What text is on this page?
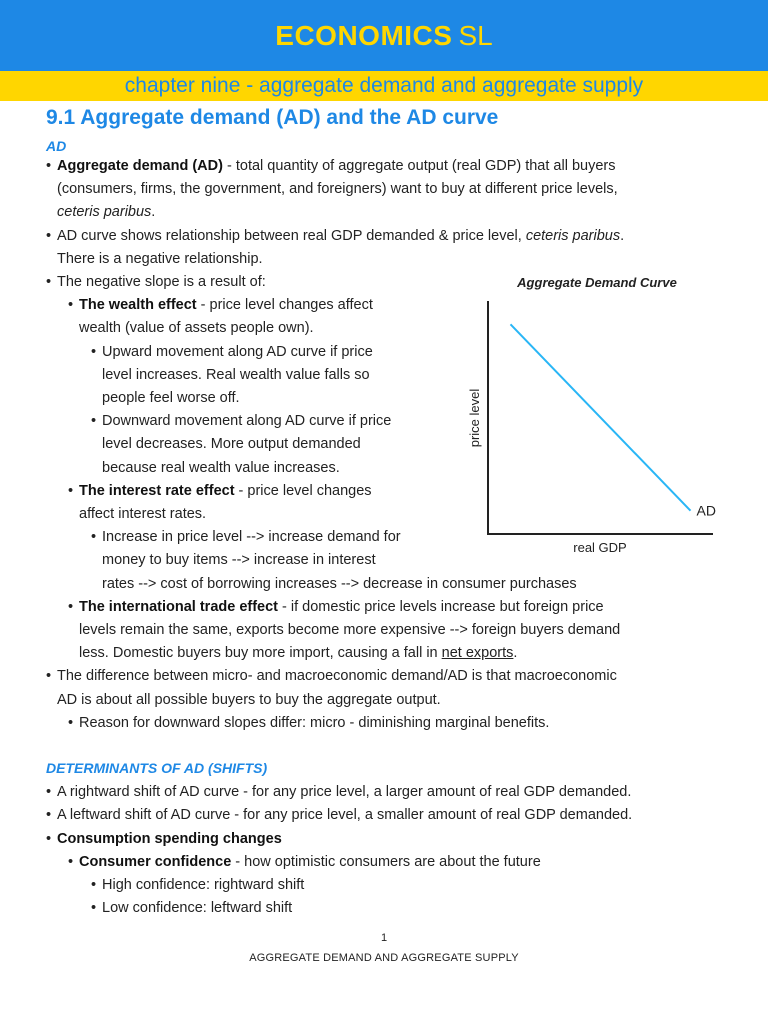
ECONOMICS SL
chapter nine - aggregate demand and aggregate supply
9.1 Aggregate demand (AD) and the AD curve
AD
• Aggregate demand (AD) - total quantity of aggregate output (real GDP) that all buyers
(consumers, firms, the government, and foreigners) want to buy at different price levels,
ceteris paribus.
• AD curve shows relationship between real GDP demanded & price level, ceteris paribus.
There is a negative relationship.
• The negative slope is a result of:
• The wealth effect - price level changes affect
wealth (value of assets people own).
• Upward movement along AD curve if price
level increases. Real wealth value falls so
people feel worse off.
• Downward movement along AD curve if price
level decreases. More output demanded
because real wealth value increases.
• The interest rate effect - price level changes
affect interest rates.
• Increase in price level --> increase demand for
money to buy items --> increase in interest
rates --> cost of borrowing increases --> decrease in consumer purchases
• The international trade effect - if domestic price levels increase but foreign price
levels remain the same, exports become more expensive --> foreign buyers demand
less. Domestic buyers buy more import, causing a fall in net exports.
• The difference between micro- and macroeconomic demand/AD is that macroeconomic
AD is about all possible buyers to buy the aggregate output.
• Reason for downward slopes differ: micro - diminishing marginal benefits.
DETERMINANTS OF AD (SHIFTS)
• A rightward shift of AD curve - for any price level, a larger amount of real GDP demanded.
• A leftward shift of AD curve - for any price level, a smaller amount of real GDP demanded.
• Consumption spending changes
• Consumer confidence - how optimistic consumers are about the future
• High confidence: rightward shift
• Low confidence: leftward shift
Aggregate Demand Curve
price level
real GDP
AD
1
AGGREGATE DEMAND AND AGGREGATE SUPPLY
